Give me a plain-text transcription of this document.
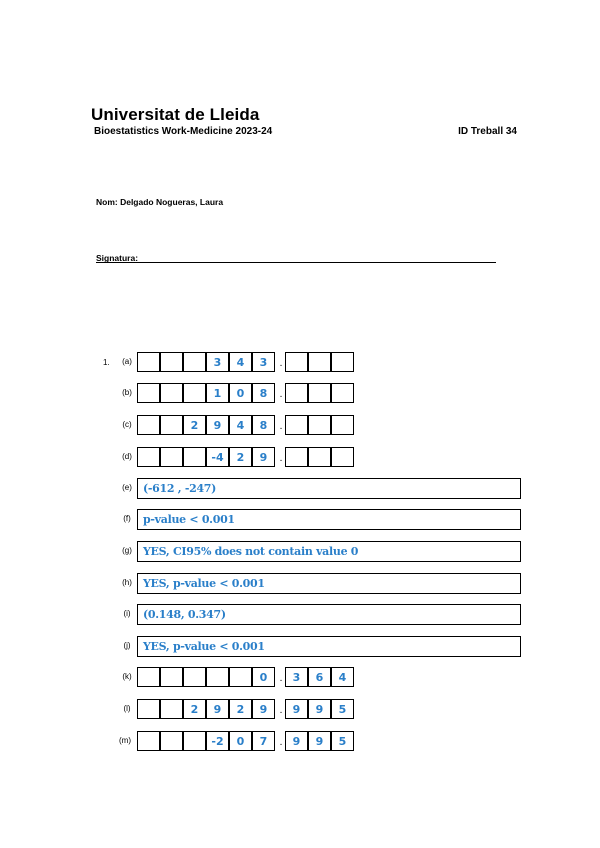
Universitat de Lleida
Bioestatistics Work-Medicine 2023-24	ID Treball 34
Nom: Delgado Nogueras, Laura
Signatura:
1.	(a)	3	4	3	.
(b)	1	0	8	.
(c)	2	9	4	8	.
(d)	-4	2	9	.
(e)	(-612 , -247)
(f)	p-value < 0.001
(g)	YES, CI95% does not contain value 0
(h)	YES, p-value < 0.001
(i)	(0.148, 0.347)
(j)	YES, p-value < 0.001
(k)	0	. 3	6	4
(l)	2	9	2	9	. 9	9	5
(m)	-2	0	7	. 9	9	5
